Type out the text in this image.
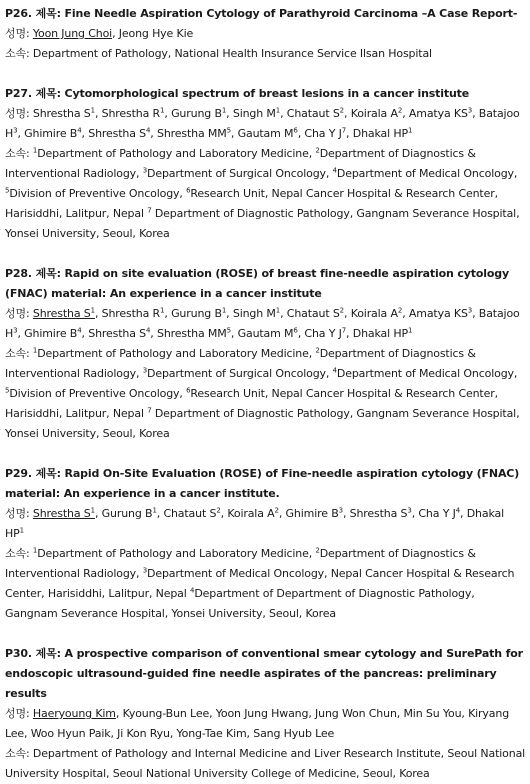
P26. 제목: Fine Needle Aspiration Cytology of Parathyroid Carcinoma –A Case Report-

성명: Yoon Jung Choi, Jeong Hye Kie

소속: Department of Pathology, National Health Insurance Service Ilsan Hospital

P27. 제목: Cytomorphological spectrum of breast lesions in a cancer institute

성명: Shrestha $S^1$, Shrestha $R^1$, Gurung $B^1$, Singh $M^1$, Chataut $S^2$, Koirala $A^2$, Amatya $KS^3$, Batajoo $H^3$, Ghimire $B^4$, Shrestha $S^4$, Shrestha $MM^5$, Gautam $M^6$, Cha Y $J^7$, Dhakal $HP^1$

소속: $^1$Department of Pathology and Laboratory Medicine, $^2$Department of Diagnostics & Interventional Radiology, $^3$Department of Surgical Oncology, $^4$Department of Medical Oncology, $^5$Division of Preventive Oncology, $^6$Research Unit, Nepal Cancer Hospital & Research Center, Harisiddhi, Lalitpur, Nepal $^7$ Department of Diagnostic Pathology, Gangnam Severance Hospital, Yonsei University, Seoul, Korea

P28. 제목: Rapid on site evaluation (ROSE) of breast fine-needle aspiration cytology (FNAC) material: An experience in a cancer institute

성명: Shrestha $S^1$, Shrestha $R^1$, Gurung $B^1$, Singh $M^1$, Chataut $S^2$, Koirala $A^2$, Amatya $KS^3$, Batajoo $H^3$, Ghimire $B^4$, Shrestha $S^4$, Shrestha $MM^5$, Gautam $M^6$, Cha Y $J^7$, Dhakal $HP^1$

소속: $^1$Department of Pathology and Laboratory Medicine, $^2$Department of Diagnostics & Interventional Radiology, $^3$Department of Surgical Oncology, $^4$Department of Medical Oncology, $^5$Division of Preventive Oncology, $^6$Research Unit, Nepal Cancer Hospital & Research Center, Harisiddhi, Lalitpur, Nepal $^7$ Department of Diagnostic Pathology, Gangnam Severance Hospital, Yonsei University, Seoul, Korea

P29. 제목: Rapid On-Site Evaluation (ROSE) of Fine-needle aspiration cytology (FNAC) material: An experience in a cancer institute.

성명: Shrestha $S^1$, Gurung $B^1$, Chataut $S^2$, Koirala $A^2$, Ghimire $B^3$, Shrestha $S^3$, Cha Y $J^4$, Dhakal $HP^1$

소속: $^1$Department of Pathology and Laboratory Medicine, $^2$Department of Diagnostics & Interventional Radiology, $^3$Department of Medical Oncology, Nepal Cancer Hospital & Research Center, Harisiddhi, Lalitpur, Nepal $^4$Department of Department of Diagnostic Pathology, Gangnam Severance Hospital, Yonsei University, Seoul, Korea

P30. 제목: A prospective comparison of conventional smear cytology and SurePath for endoscopic ultrasound-guided fine needle aspirates of the pancreas: preliminary results

성명: Haeryoung Kim, Kyoung-Bun Lee, Yoon Jung Hwang, Jung Won Chun, Min Su You, Kiryang Lee, Woo Hyun Paik, Ji Kon Ryu, Yong-Tae Kim, Sang Hyub Lee

소속: Department of Pathology and Internal Medicine and Liver Research Institute, Seoul National University Hospital, Seoul National University College of Medicine, Seoul, Korea
